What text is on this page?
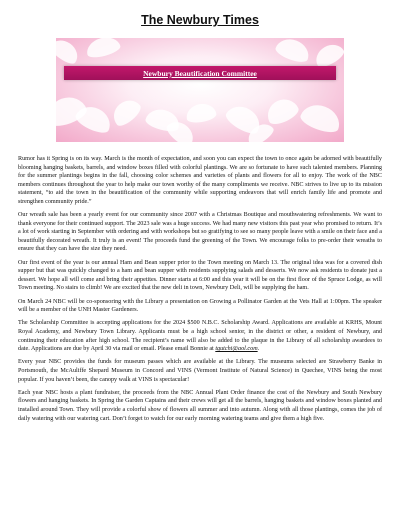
The Newbury Times
Newbury Beautification Committee

Rumor has it Spring is on its way. March is the month of expectation, and soon you can expect the town to once again be adorned with beautifully blooming hanging baskets, barrels, and window boxes filled with colorful plantings. We are so fortunate to have such talented members. Planning for the summer plantings begins in the fall, choosing color schemes and varieties of plants and flowers for all to enjoy. The work of the NBC members continues throughout the year to help make our town worthy of the many compliments we receive. NBC strives to live up to its mission statement, “to aid the town in the beautification of the community while supporting endeavors that will enrich family life and promote and strengthen community pride.”

Our wreath sale has been a yearly event for our community since 2007 with a Christmas Boutique and mouthwatering refreshments. We want to thank everyone for their continued support. The 2023 sale was a huge success. We had many new visitors this past year who promised to return. It’s a lot of work starting in September with ordering and with workshops but so gratifying to see so many people leave with a smile on their face and a beautifully decorated wreath. It truly is an event! The proceeds fund the greening of the Town. We encourage folks to pre-order their wreaths to ensure that they can have the size they need.

Our first event of the year is our annual Ham and Bean supper prior to the Town meeting on March 13. The original idea was for a covered dish supper but that was quickly changed to a ham and bean supper with residents supplying salads and desserts. We now ask residents to donate just a dessert. We hope all will come and bring their appetites. Dinner starts at 6:00 and this year it will be on the first floor of the Spruce Lodge, as will Town meeting. No stairs to climb! We are excited that the new deli in town, Newbury Deli, will be supplying the ham.

On March 24 NBC will be co-sponsoring with the Library a presentation on Growing a Pollinator Garden at the Vets Hall at 1:00pm. The speaker will be a member of the UNH Master Gardeners.

The Scholarship Committee is accepting applications for the 2024 $500 N.B.C. Scholarship Award. Applications are available at KRHS, Mount Royal Academy, and Newbury Town Library. Applicants must be a high school senior, in the district or other, a resident of Newbury, and continuing their education after high school. The recipient’s name will also be added to the plaque in the Library of all scholarship awardees to date. Applications are due by April 30 via mail or email. Please email Bonnie at tgutchi@aol.com.

Every year NBC provides the funds for museum passes which are available at the Library. The museums selected are Strawberry Banke in Portsmouth, the McAuliffe Shepard Museum in Concord and VINS (Vermont Institute of Natural Science) in Quechee, VINS being the most popular. If you haven’t been, the canopy walk at VINS is spectacular!

Each year NBC hosts a plant fundraiser, the proceeds from the NBC Annual Plant Order finance the cost of the Newbury and South Newbury flowers and hanging baskets. In Spring the Garden Captains and their crews will get all the barrels, hanging baskets and window boxes planted and installed around Town. They will provide a colorful show of flowers all summer and into autumn. Along with all those plantings, comes the job of daily watering with our watering cart. Don’t forget to watch for our early morning watering teams and give them a high five.
